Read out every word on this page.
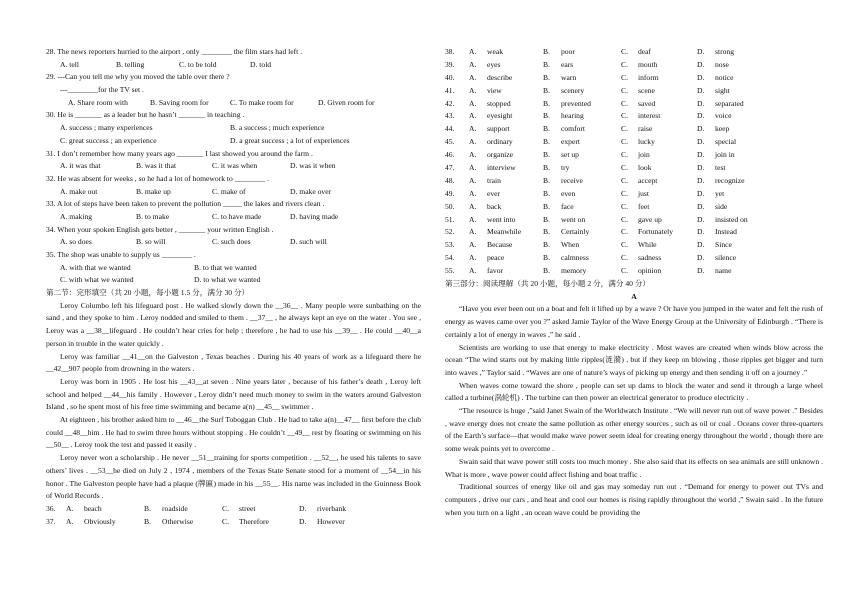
28. The news reporters hurried to the airport , only ________ the film stars had left .
A. tell	B. telling	C. to be told	D. told
29. ---Can you tell me why you moved the table over there ?
---________for the TV set .
A. Share room with	B. Saving room for	C. To make room for	D. Given room for
30. He is _______ as a leader but he hasn’t _______ in teaching .
A. success ; many experiences	B. a success ; much experience
C. great success ; an experience	D. a great success ; a lot of experiences
31. I don’t remember how many years ago _______ I last showed you around the farm .
A. it was that	B. was it that	C. it was when	D. was it when
32. He was absent for weeks , so he had a lot of homework to ________ .
A. make out	B. make up	C. make of	D. make over
33. A lot of steps have been taken to prevent the pollution _____ the lakes and rivers clean .
A. making	B. to make	C. to have made	D. having made
34. When your spoken English gets better , _______ your written English .
A. so does	B. so will	C. such does	D. such will
35. The shop was unable to supply us ________ .
A. with that we wanted	B. to that we wanted
C. with what we wanted	D. to what we wanted
第二节：完形填空（共 20 小题，每小题 1.5 分，满分 30 分）

Leroy Columbo left his lifeguard post . He walked slowly down the __36__ . Many people were sunbathing on the sand , and they spoke to him . Leroy nodded and smiled to them . __37__ , he always kept an eye on the water . You see , Leroy was a __38__lifeguard . He couldn’t hear cries for help ; therefore , he had to use his __39__ . He could __40__a person in trouble in the water quickly .

Leroy was familiar __41__on the Galveston , Texas beaches . During his 40 years of work as a lifeguard there he __42__907 people from drowning in the waters .

Leroy was born in 1905 . He lost his __43__at seven . Nine years later , because of his father’s death , Leroy left school and helped __44__his family . However , Leroy didn’t need much money to swim in the waters around Galveston Island , so he spent most of his free time swimming and became a(n) __45__ swimmer .

At eighteen , his brother asked him to __46__the Surf Toboggan Club . He had to take a(n)__47__ first before the club could __48__him . He had to swim three hours without stopping . He couldn’t __49__ rest by floating or swimming on his __50__ . Leroy took the test and passed it easily .

Leroy never won a scholarship . He never __51__training for sports competition . __52__, he used his talents to save others’ lives . __53__he died on July 2 , 1974 , members of the Texas State Senate stood for a moment of __54__in his honor . The Galveston people have had a plaque (牌匾) made in his __55__. His name was included in the Guinness Book of World Records .

36. A. beach	B. roadside	C. street	D. riverbank
37. A. Obviously	B. Otherwise	C. Therefore	D. However
38. A. weak	B. poor	C. deaf	D. strong
39. A. eyes	B. ears	C. mouth	D. nose
40. A. describe	B. warn	C. inform	D. notice
41. A. view	B. scenery	C. scene	D. sight
42. A. stopped	B. prevented	C. saved	D. separated
43. A. eyesight	B. hearing	C. interest	D. voice
44. A. support	B. comfort	C. raise	D. keep
45. A. ordinary	B. expert	C. lucky	D. special
46. A. organize	B. set up	C. join	D. join in
47. A. interview	B. try	C. look	D. test
48. A. train	B. receive	C. accept	D. recognize
49. A. ever	B. even	C. just	D. yet
50. A. back	B. face	C. feet	D. side
51. A. went into	B. went on	C. gave up	D. insisted on
52. A. Meanwhile	B. Certainly	C. Fortunately	D. Instead
53. A. Because	B. When	C. While	D. Since
54. A. peace	B. calmness	C. sadness	D. silence
55. A. favor	B. memory	C. opinion	D. name
第三部分：阅读理解（共 20 小题，每小题 2 分，满分 40 分）
A

“Have you ever been out on a boat and felt it lifted up by a wave ? Or have you jumped in the water and felt the rush of energy as waves came over you ?” asked Jamie Taylor of the Wave Energy Group at the University of Edinburgh . “There is certainly a lot of energy in waves ,” he said .

Scientists are working to use that energy to make electricity . Most waves are created when winds blow across the ocean “The wind starts out by making little ripples(涟漪) , but if they keep on blowing , those ripples get bigger and turn into waves ,” Taylor said . “Waves are one of nature’s ways of picking up energy and then sending it off on a journey .”

When waves come toward the shore , people can set up dams to block the water and send it through a large wheel called a turbine(涡轮机) . The turbine can then power an electrical generator to produce electricity .

“The resource is huge ,”said Janet Swain of the Worldwatch Institute . “We will never run out of wave power .” Besides , wave energy does not create the same pollution as other energy sources , such as oil or coal . Oceans cover three-quarters of the Earth’s surface—that would make wave power seem ideal for creating energy throughout the world , though there are some weak points yet to overcome .

Swain said that wave power still costs too much money . She also said that its effects on sea animals are still unknown . What is more , wave power could affect fishing and boat traffic .

Traditional sources of energy like oil and gas may someday run out . “Demand for energy to power out TVs and computers , drive our cars , and heat and cool our homes is rising rapidly throughout the world ,” Swain said . In the future when you turn on a light , an ocean wave could be providing the
